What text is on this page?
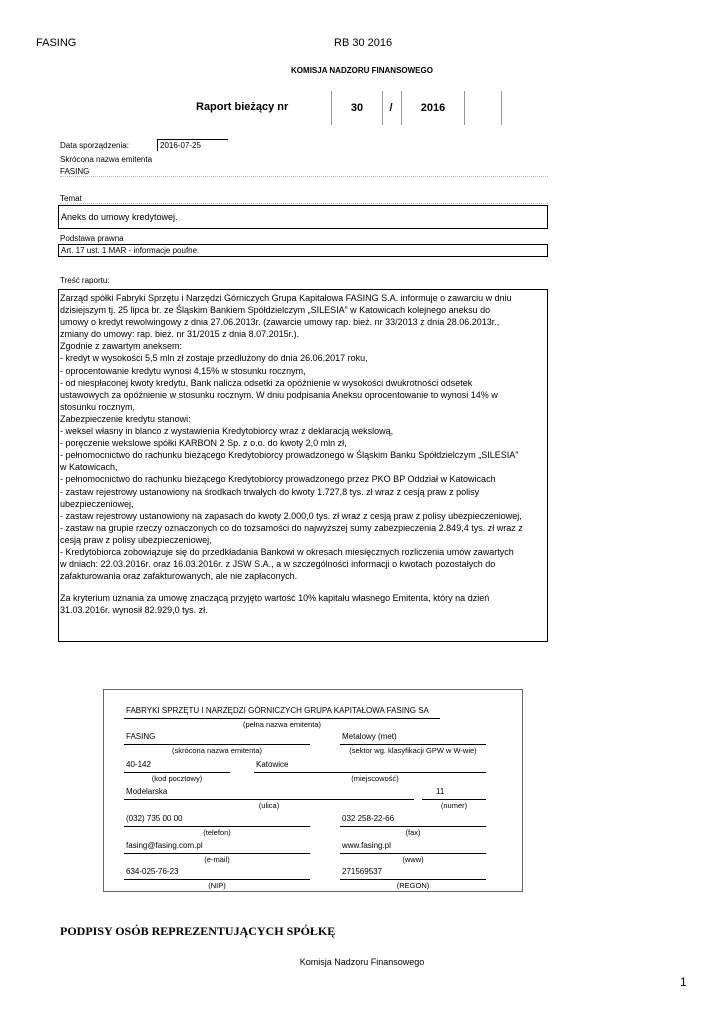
FASING	RB 30 2016
KOMISJA NADZORU FINANSOWEGO
Raport bieżący nr	30	/	2016
Data sporządzenia:	2016-07-25
Skrócona nazwa emitenta
FASING
Temat
Aneks do umowy kredytowej.
Podstawa prawna
Art. 17 ust. 1 MAR - informacje poufne.
Treść raportu:

Zarząd spółki Fabryki Sprzętu i Narzędzi Górniczych Grupa Kapitałowa FASING S.A. informuje o zawarciu w dniu

dzisiejszym tj. 25 lipca br. ze Śląskim Bankiem Spółdzielczym „SILESIA” w Katowicach kolejnego aneksu do

umowy o kredyt rewolwingowy z dnia 27.06.2013r. (zawarcie umowy rap. bież. nr 33/2013 z dnia 28.06.2013r.,

zmiany do umowy: rap. bież. nr 31/2015 z dnia 8.07.2015r.).

Zgodnie z zawartym aneksem:

- kredyt w wysokości 5,5 mln zł zostaje przedłużony do dnia 26.06.2017 roku,

- oprocentowanie kredytu wynosi 4,15% w stosunku rocznym,

- od niespłaconej kwoty kredytu, Bank nalicza odsetki za opóźnienie w wysokości dwukrotności odsetek

ustawowych za opóźnienie w stosunku rocznym. W dniu podpisania Aneksu oprocentowanie to wynosi 14% w

stosunku rocznym,

Zabezpieczenie kredytu stanowi:

- weksel własny in blanco z wystawienia Kredytobiorcy wraz z deklaracją wekslową,

- poręczenie wekslowe spółki KARBON 2 Sp. z o.o. do kwoty 2,0 mln zł,

- pełnomocnictwo do rachunku bieżącego Kredytobiorcy prowadzonego w Śląskim Banku Spółdzielczym „SILESIA”

w Katowicach,

- pełnomocnictwo do rachunku bieżącego Kredytobiorcy prowadzonego przez PKO BP Oddział w Katowicach

- zastaw rejestrowy ustanowiony na środkach trwałych do kwoty 1.727,8 tys. zł wraz z cesją praw z polisy

ubezpieczeniowej,

- zastaw rejestrowy ustanowiony na zapasach do kwoty 2.000,0 tys. zł wraz z cesją praw z polisy ubezpieczeniowej,

- zastaw na grupie rzeczy oznaczonych co do tożsamości do najwyższej sumy zabezpieczenia 2.849,4 tys. zł wraz z

cesją praw z polisy ubezpieczeniowej,

- Kredytobiorca zobowiązuje się do przedkładania Bankowi w okresach miesięcznych rozliczenia umów zawartych

w dniach: 22.03.2016r. oraz 16.03.2016r. z JSW S.A., a w szczególności informacji o kwotach pozostałych do

zafakturowania oraz zafakturowanych, ale nie zapłaconych.

Za kryterium uznania za umowę znaczącą przyjęto wartość 10% kapitału własnego Emitenta, który na dzień

31.03.2016r. wynosił 82.929,0 tys. zł.

FABRYKI SPRZĘTU I NARZĘDZI GÓRNICZYCH GRUPA KAPITAŁOWA FASING SA
(pełna nazwa emitenta)
FASING
(skrócona nazwa emitenta)
Metalowy (met)
(sektor wg. klasyfikacji GPW w W-wie)
40-142
(kod pocztowy)
Katowice
(miejscowość)
Modelarska
(ulica)
11
(numer)
(032) 735 00 00
(telefon)
032 258-22-66
(fax)
fasing@fasing.com.pl
(e-mail)
www.fasing.pl
(www)
634-025-76-23
(NIP)
271569537
(REGON)
PODPISY OSÓB REPREZENTUJĄCYCH SPÓŁKĘ
Komisja Nadzoru Finansowego
1
